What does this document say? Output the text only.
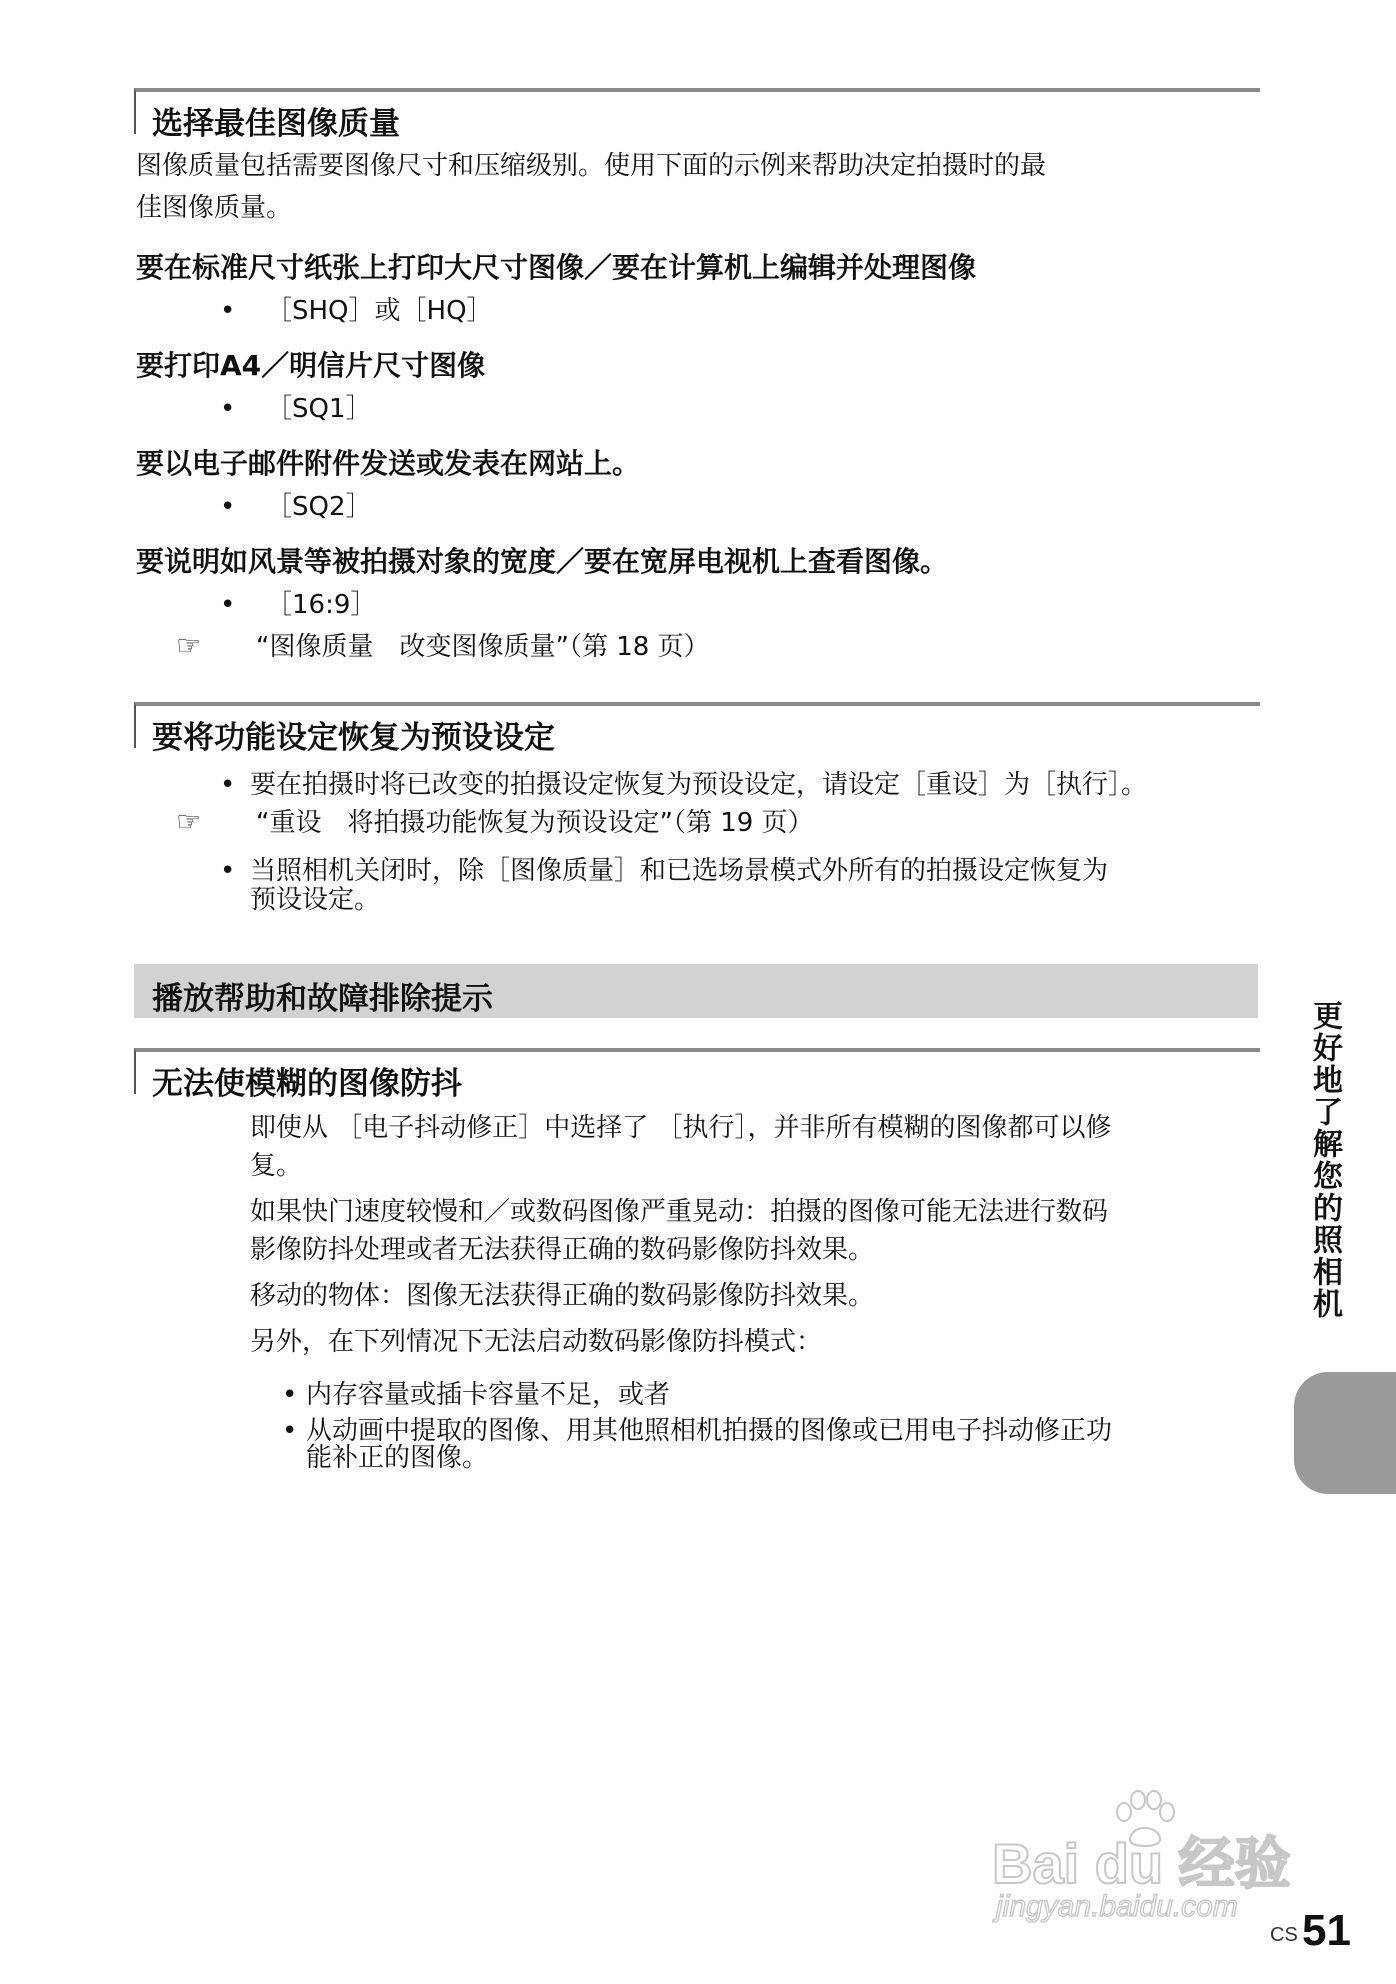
选择最佳图像质量
图像质量包括需要图像尺寸和压缩级别。使用下面的示例来帮助决定拍摄时的最
佳图像质量。
要在标准尺寸纸张上打印大尺寸图像／要在计算机上编辑并处理图像
• ［SHQ］或［HQ］
要打印A4／明信片尺寸图像
• ［SQ1］
要以电子邮件附件发送或发表在网站上。
• ［SQ2］
要说明如风景等被拍摄对象的宽度／要在宽屏电视机上查看图像。
• ［16:9］
☞ “图像质量　改变图像质量”（第 18 页）
要将功能设定恢复为预设设定
• 要在拍摄时将已改变的拍摄设定恢复为预设设定，请设定［重设］为［执行］。
☞ “重设　将拍摄功能恢复为预设设定”（第 19 页）
• 当照相机关闭时，除［图像质量］和已选场景模式外所有的拍摄设定恢复为
预设设定。
播放帮助和故障排除提示
无法使模糊的图像防抖
即使从 ［电子抖动修正］中选择了 ［执行］，并非所有模糊的图像都可以修
复。
如果快门速度较慢和／或数码图像严重晃动：拍摄的图像可能无法进行数码
影像防抖处理或者无法获得正确的数码影像防抖效果。
移动的物体：图像无法获得正确的数码影像防抖效果。
另外，在下列情况下无法启动数码影像防抖模式：
• 内存容量或插卡容量不足，或者
• 从动画中提取的图像、用其他照相机拍摄的图像或已用电子抖动修正功
能补正的图像。
更好地了解您的照相机
Bai du 经验
jingyan.baidu.com
CS 51
